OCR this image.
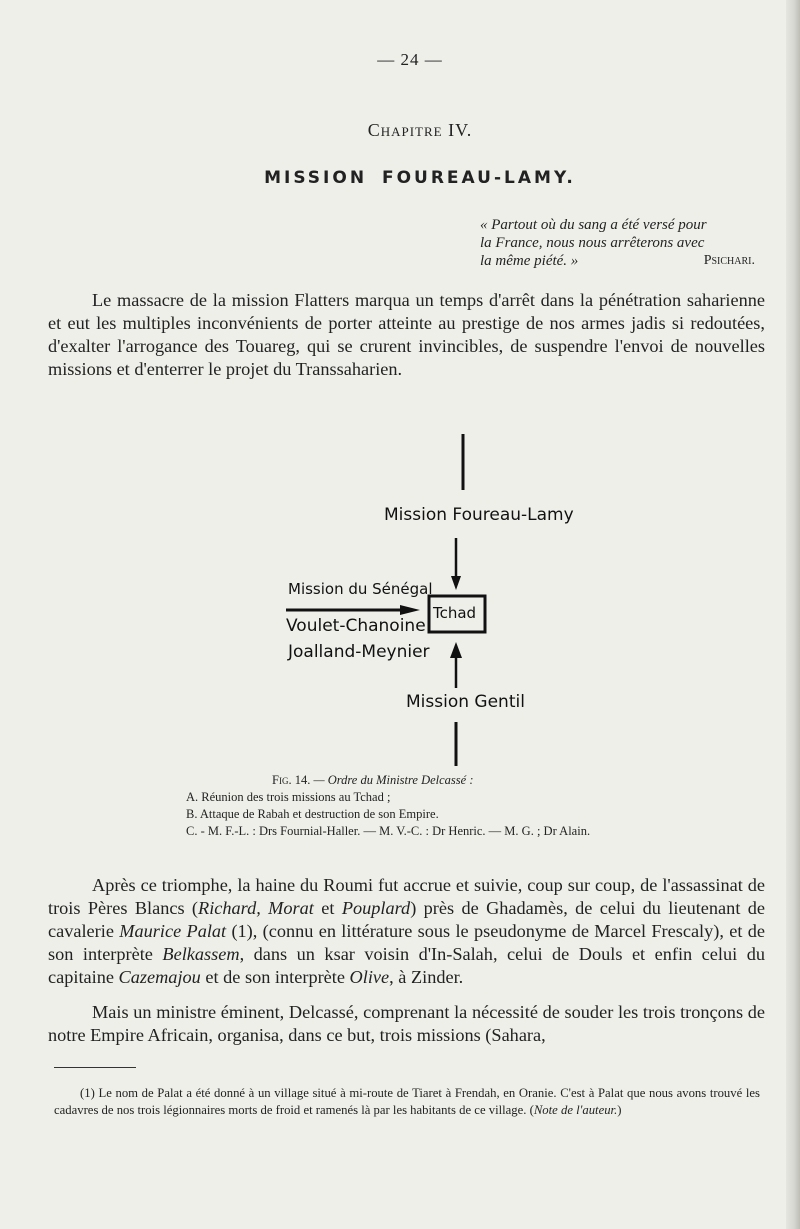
— 24 —
Chapitre IV.
MISSION FOUREAU-LAMY.
« Partout où du sang a été versé pour
la France, nous nous arrêterons avec
la même piété. »	Psichari.

Le massacre de la mission Flatters marqua un temps d'arrêt dans la pénétration saharienne et eut les multiples inconvénients de porter atteinte au prestige de nos armes jadis si redoutées, d'exalter l'arrogance des Touareg, qui se crurent invincibles, de suspendre l'envoi de nouvelles missions et d'enterrer le projet du Transsaharien.

Mission Foureau-Lamy
Tchad
Mission du Sénégal
Voulet-Chanoine
Joalland-Meynier
Mission Gentil
Fig. 14. — Ordre du Ministre Delcassé :
A. Réunion des trois missions au Tchad ;
B. Attaque de Rabah et destruction de son Empire.
C. - M. F.-L. : Drs Fournial-Haller. — M. V.-C. : Dr Henric. — M. G. ; Dr Alain.

Après ce triomphe, la haine du Roumi fut accrue et suivie, coup sur coup, de l'assassinat de trois Pères Blancs (Richard, Morat et Pouplard) près de Ghadamès, de celui du lieutenant de cavalerie Maurice Palat (1), (connu en littérature sous le pseudonyme de Marcel Frescaly), et de son interprète Belkassem, dans un ksar voisin d'In-Salah, celui de Douls et enfin celui du capitaine Cazemajou et de son interprète Olive, à Zinder.

Mais un ministre éminent, Delcassé, comprenant la nécessité de souder les trois tronçons de notre Empire Africain, organisa, dans ce but, trois missions (Sahara,

(1) Le nom de Palat a été donné à un village situé à mi-route de Tiaret à Frendah, en Oranie. C'est à Palat que nous avons trouvé les cadavres de nos trois légionnaires morts de froid et ramenés là par les habitants de ce village. (Note de l'auteur.)
